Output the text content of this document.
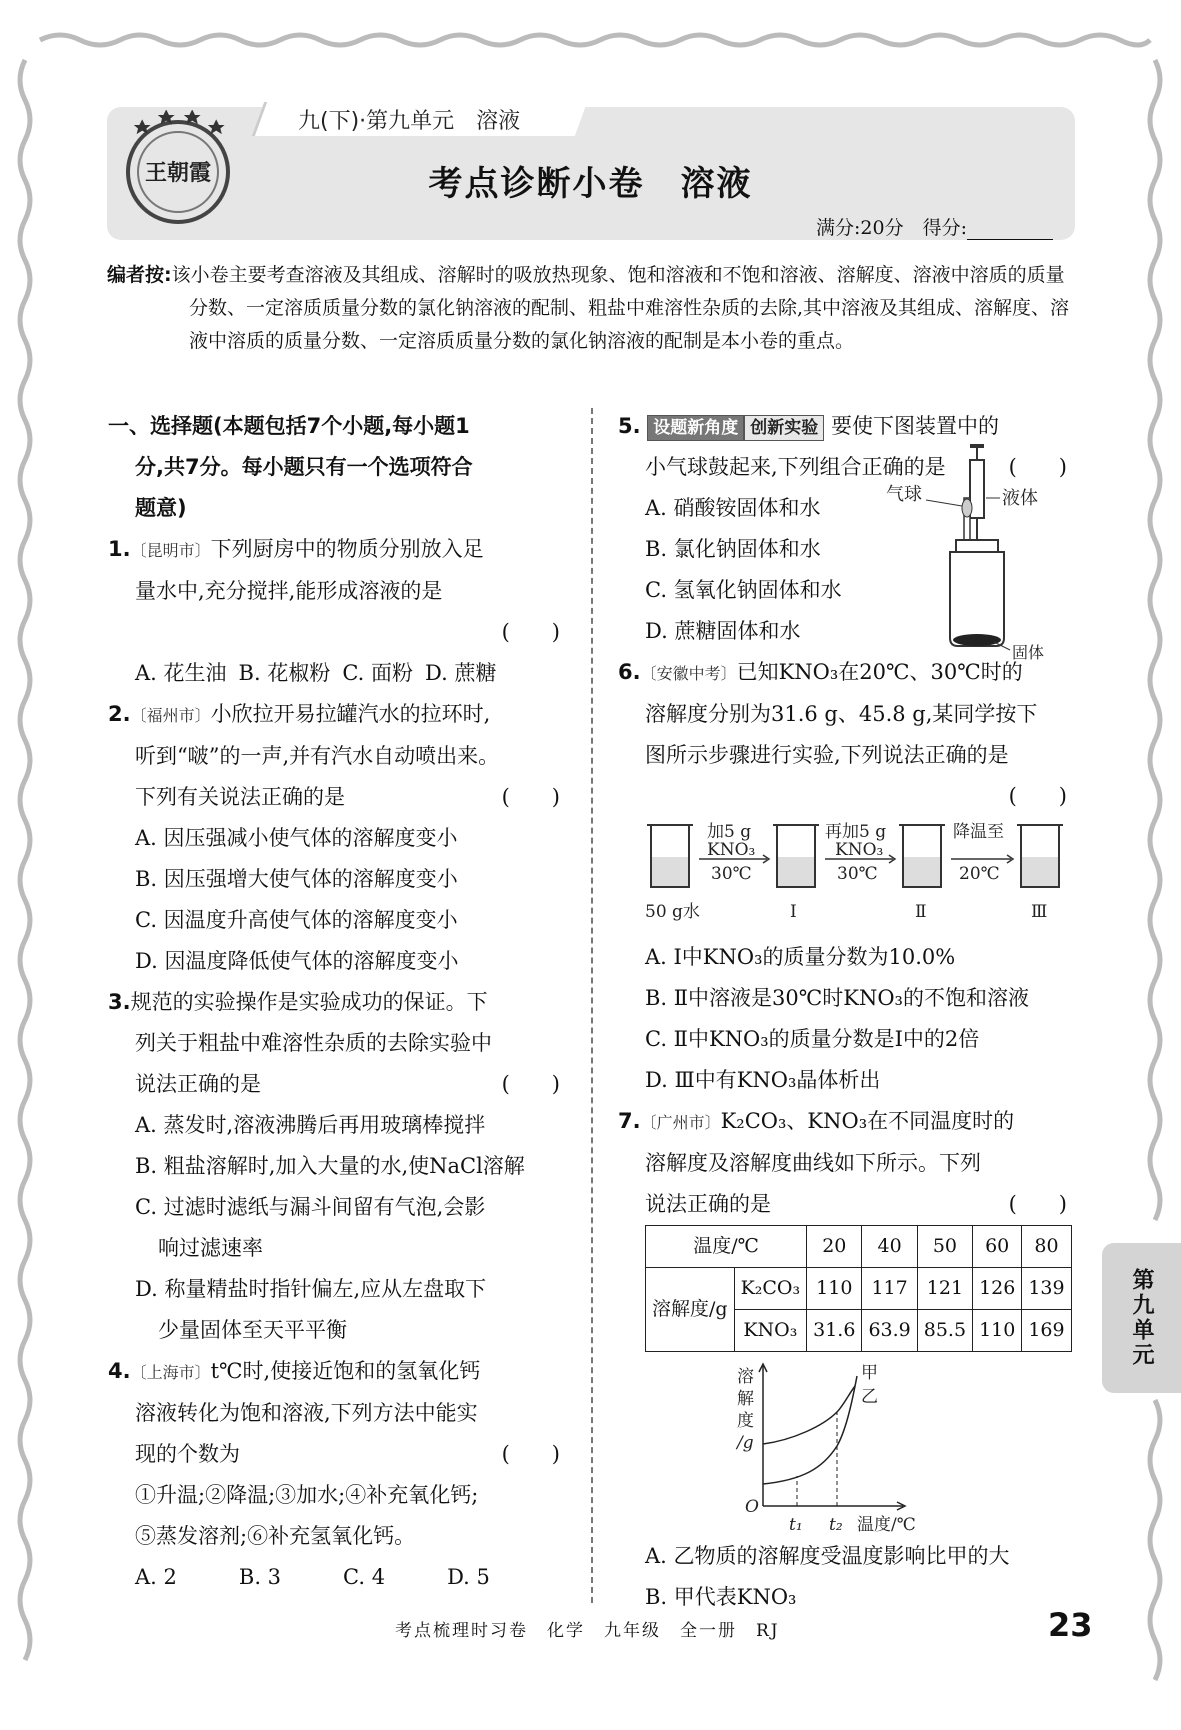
九(下)·第九单元　溶液
王朝霞	考点诊断小卷　溶液
满分:20分　得分:
编者按:该小卷主要考查溶液及其组成、溶解时的吸放热现象、饱和溶液和不饱和溶液、溶解度、溶液中溶质的质量分数、一定溶质质量分数的氯化钠溶液的配制、粗盐中难溶性杂质的去除,其中溶液及其组成、溶解度、溶液中溶质的质量分数、一定溶质质量分数的氯化钠溶液的配制是本小卷的重点。
一、选择题(本题包括7个小题,每小题1
分,共7分。每小题只有一个选项符合
题意)
1.〔昆明市〕下列厨房中的物质分别放入足
量水中,充分搅拌,能形成溶液的是
(　　)
A. 花生油 B. 花椒粉 C. 面粉 D. 蔗糖
2.〔福州市〕小欣拉开易拉罐汽水的拉环时,
听到“啵”的一声,并有汽水自动喷出来。
下列有关说法正确的是	(　　)
A. 因压强减小使气体的溶解度变小
B. 因压强增大使气体的溶解度变小
C. 因温度升高使气体的溶解度变小
D. 因温度降低使气体的溶解度变小
3.规范的实验操作是实验成功的保证。下
列关于粗盐中难溶性杂质的去除实验中
说法正确的是	(　　)
A. 蒸发时,溶液沸腾后再用玻璃棒搅拌
B. 粗盐溶解时,加入大量的水,使NaCl溶解
C. 过滤时滤纸与漏斗间留有气泡,会影
响过滤速率
D. 称量精盐时指针偏左,应从左盘取下
少量固体至天平平衡
4.〔上海市〕t℃时,使接近饱和的氢氧化钙
溶液转化为饱和溶液,下列方法中能实
现的个数为	(　　)
①升温;②降温;③加水;④补充氧化钙;
⑤蒸发溶剂;⑥补充氢氧化钙。
A. 2	B. 3	C. 4	D. 5
5. 设题新角度 创新实验 要使下图装置中的
小气球鼓起来,下列组合正确的是	(　　)
A. 硝酸铵固体和水
B. 氯化钠固体和水
C. 氢氧化钠固体和水
D. 蔗糖固体和水
气球	液体
固体
6.〔安徽中考〕已知KNO₃在20℃、30℃时的
溶解度分别为31.6 g、45.8 g,某同学按下
图所示步骤进行实验,下列说法正确的是
(　　)
加5 g
KNO₃
30℃
再加5 g
KNO₃
30℃
降温至
20℃
50 g水	Ⅰ	Ⅱ	Ⅲ
A. Ⅰ中KNO₃的质量分数为10.0%
B. Ⅱ中溶液是30℃时KNO₃的不饱和溶液
C. Ⅱ中KNO₃的质量分数是Ⅰ中的2倍
D. Ⅲ中有KNO₃晶体析出
7.〔广州市〕K₂CO₃、KNO₃在不同温度时的
溶解度及溶解度曲线如下所示。下列
说法正确的是	(　　)
温度/℃		20	40	50	60	80
溶解度/g	K₂CO₃	110	117	121	126	139
	KNO₃	31.6	63.9	85.5	110	169
溶
解
度
/g
O
t₁ t₂ 温度/℃
甲
乙
A. 乙物质的溶解度受温度影响比甲的大
B. 甲代表KNO₃
第九单元
考点梳理时习卷　化学　九年级　全一册　RJ	23
